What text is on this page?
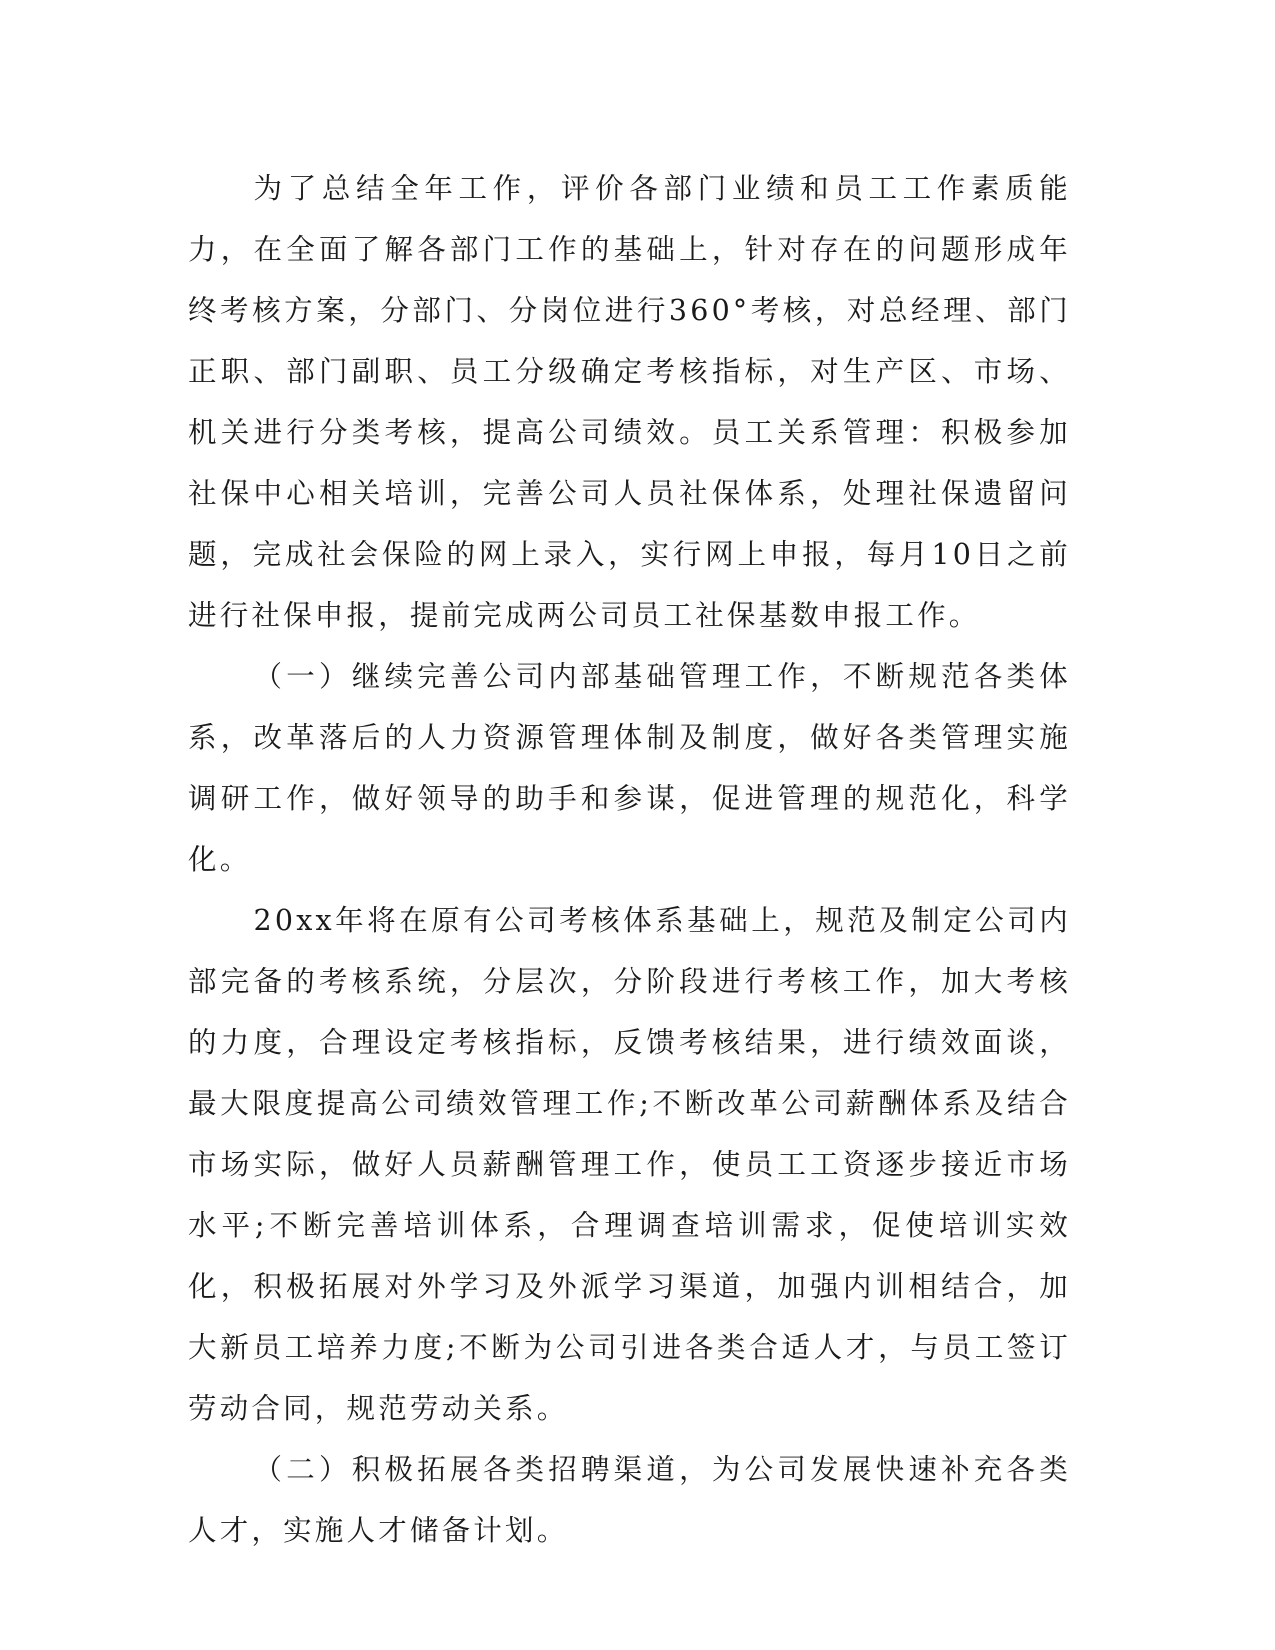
为了总结全年工作，评价各部门业绩和员工工作素质能力，在全面了解各部门工作的基础上，针对存在的问题形成年终考核方案，分部门、分岗位进行360°考核，对总经理、部门正职、部门副职、员工分级确定考核指标，对生产区、市场、机关进行分类考核，提高公司绩效。员工关系管理：积极参加社保中心相关培训，完善公司人员社保体系，处理社保遗留问题，完成社会保险的网上录入，实行网上申报，每月10日之前进行社保申报，提前完成两公司员工社保基数申报工作。

（一）继续完善公司内部基础管理工作，不断规范各类体系，改革落后的人力资源管理体制及制度，做好各类管理实施调研工作，做好领导的助手和参谋，促进管理的规范化，科学化。

20xx年将在原有公司考核体系基础上，规范及制定公司内部完备的考核系统，分层次，分阶段进行考核工作，加大考核的力度，合理设定考核指标，反馈考核结果，进行绩效面谈，最大限度提高公司绩效管理工作;不断改革公司薪酬体系及结合市场实际，做好人员薪酬管理工作，使员工工资逐步接近市场水平;不断完善培训体系，合理调查培训需求，促使培训实效化，积极拓展对外学习及外派学习渠道，加强内训相结合，加大新员工培养力度;不断为公司引进各类合适人才，与员工签订劳动合同，规范劳动关系。

（二）积极拓展各类招聘渠道，为公司发展快速补充各类人才，实施人才储备计划。
